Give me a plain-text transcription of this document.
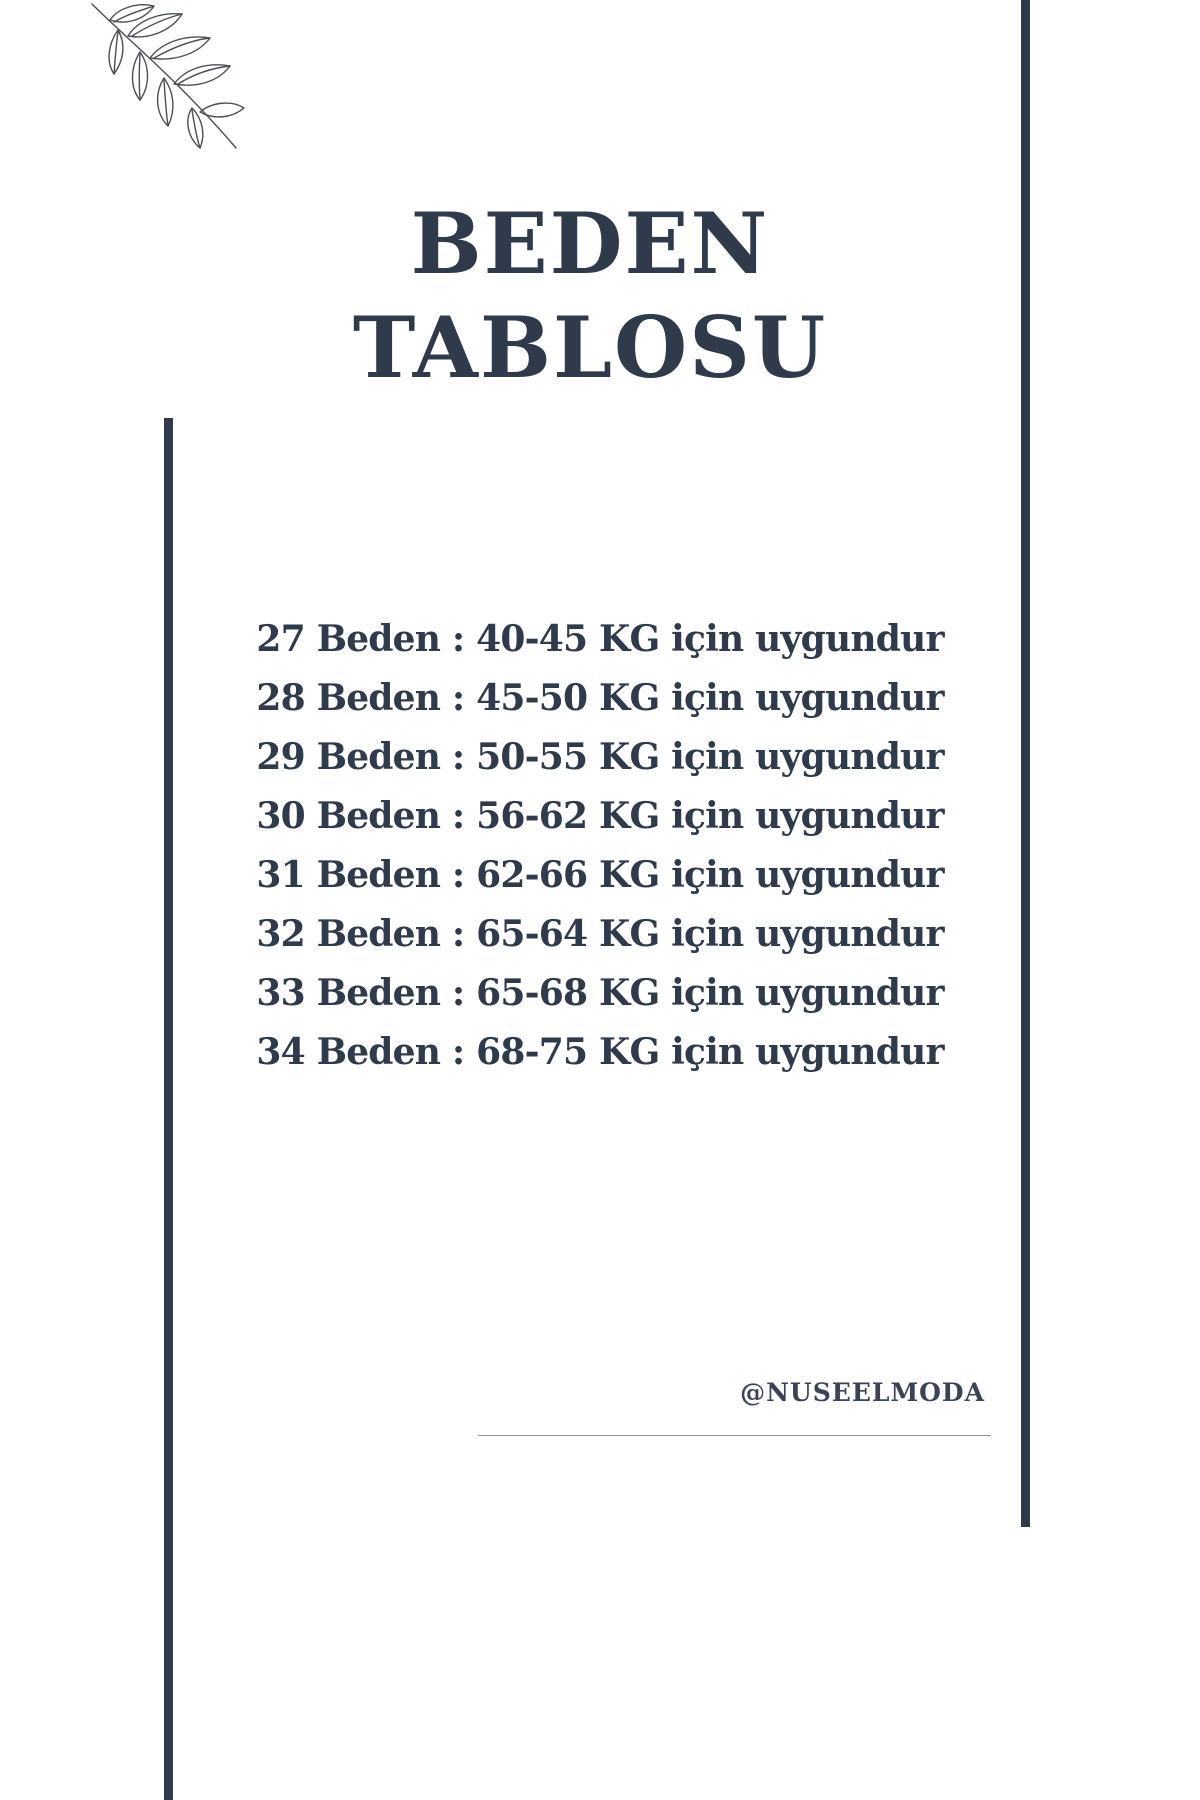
BEDEN
TABLOSU
27 Beden : 40-45 KG için uygundur
28 Beden : 45-50 KG için uygundur
29 Beden : 50-55 KG için uygundur
30 Beden : 56-62 KG için uygundur
31 Beden : 62-66 KG için uygundur
32 Beden : 65-64 KG için uygundur
33 Beden : 65-68 KG için uygundur
34 Beden : 68-75 KG için uygundur
@NUSEELMODA
